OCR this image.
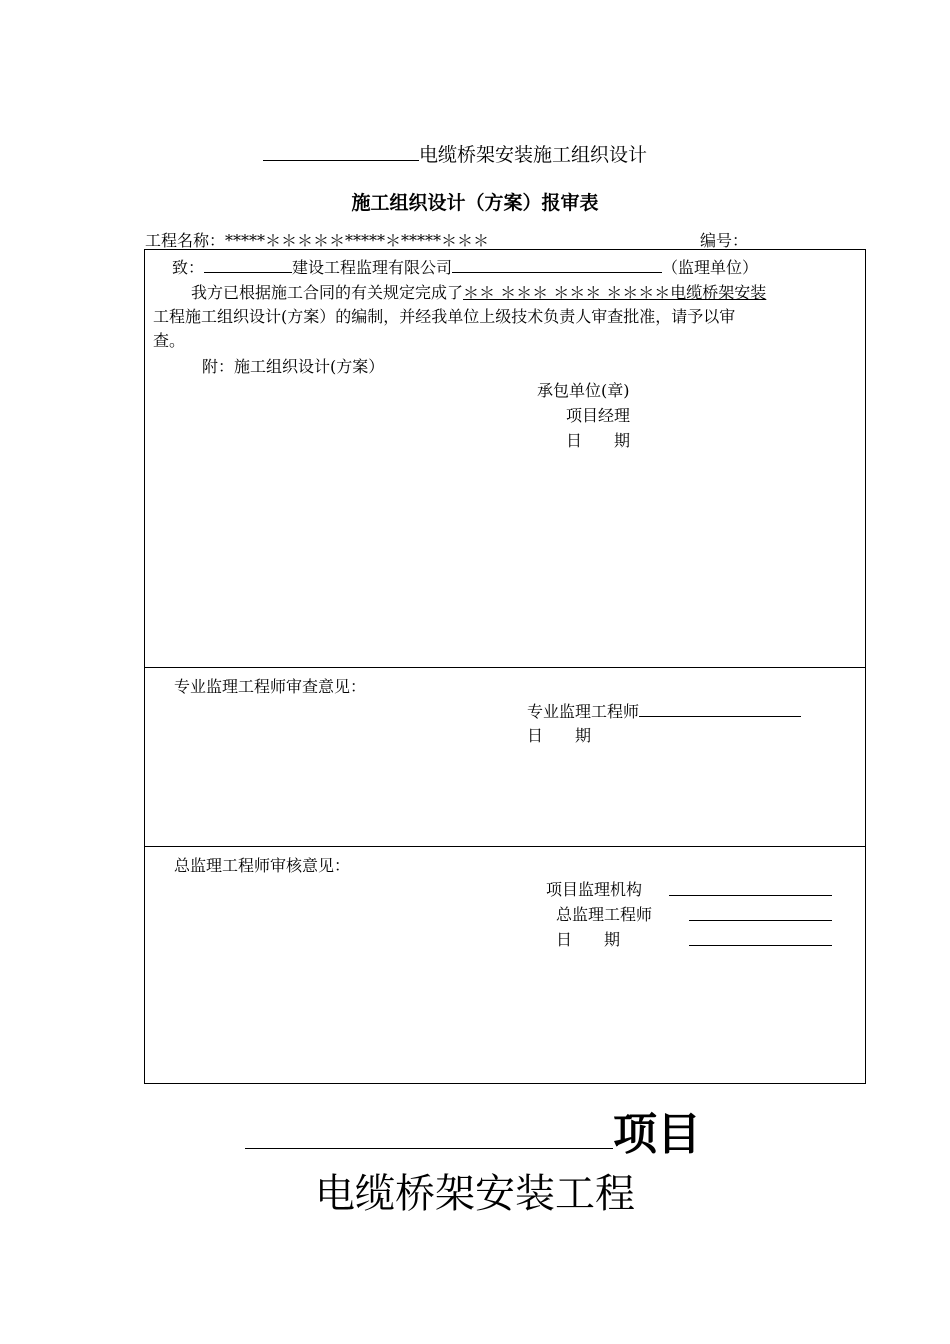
电缆桥架安装施工组织设计
施工组织设计（方案）报审表
工程名称：*****＊＊＊＊＊*****＊*****＊＊＊	编号：
致：	建设工程监理有限公司	（监理单位）
我方已根据施工合同的有关规定完成了＊＊ ＊＊＊ ＊＊＊ ＊＊＊＊电缆桥架安装
工程施工组织设计(方案）的编制，并经我单位上级技术负责人审查批准，请予以审
查。
附：施工组织设计(方案）
承包单位(章)
项目经理
日　　期
专业监理工程师审查意见：
专业监理工程师
日　　期
总监理工程师审核意见：
项目监理机构
总监理工程师
日　　期
项目
电缆桥架安装工程
